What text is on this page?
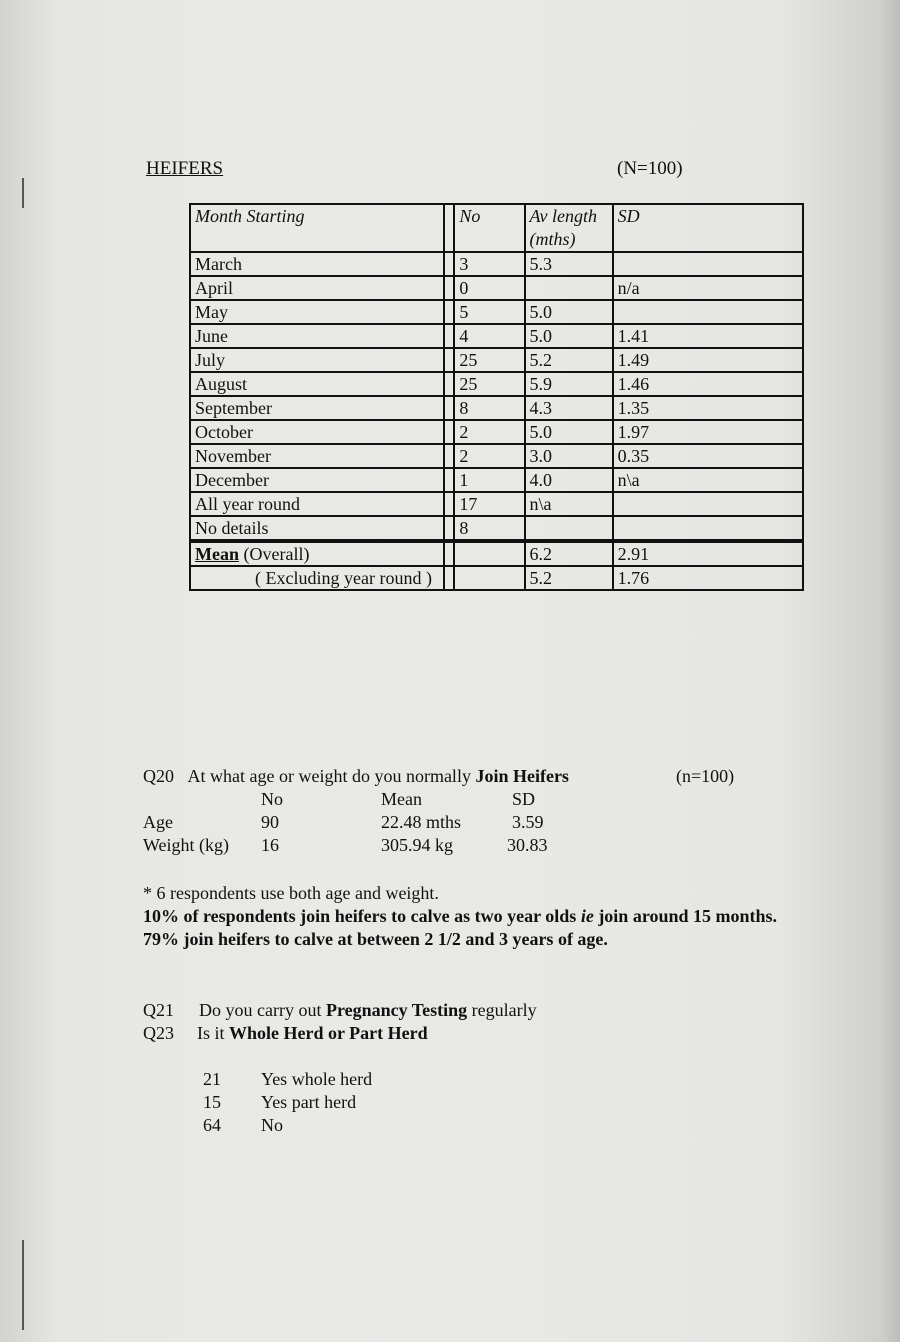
HEIFERS	(N=100)
Month Starting		No	Av length (mths)	SD
March		3	5.3	
April		0		n/a
May		5	5.0	
June		4	5.0	1.41
July		25	5.2	1.49
August		25	5.9	1.46
September		8	4.3	1.35
October		2	5.0	1.97
November		2	3.0	0.35
December		1	4.0	n\a
All year round		17	n\a	
No details		8		

Mean (Overall)			6.2	2.91
( Excluding year round )			5.2	1.76
Q20 At what age or weight do you normally Join Heifers	(n=100)
No	Mean	SD
Age	90	22.48 mths	3.59
Weight (kg) 16	305.94 kg	30.83
* 6 respondents use both age and weight.
10% of respondents join heifers to calve as two year olds ie join around 15 months.
79% join heifers to calve at between 2 1/2 and 3 years of age.
Q21 Do you carry out Pregnancy Testing regularly
Q23 Is it Whole Herd or Part Herd
21 Yes whole herd
15 Yes part herd
64 No
